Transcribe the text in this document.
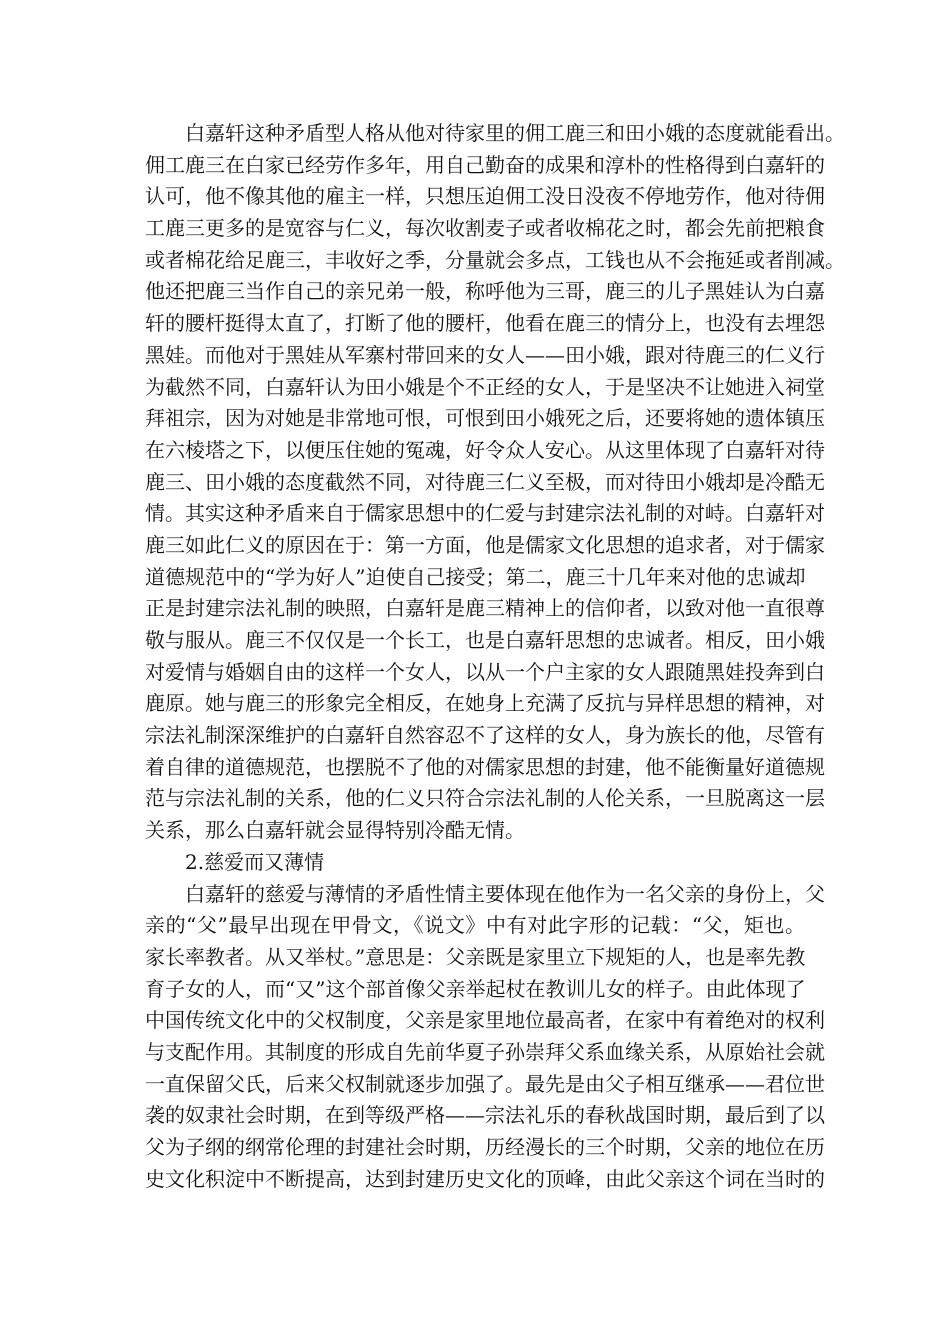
白嘉轩这种矛盾型人格从他对待家里的佣工鹿三和田小娥的态度就能看出。
佣工鹿三在白家已经劳作多年，用自己勤奋的成果和淳朴的性格得到白嘉轩的
认可，他不像其他的雇主一样，只想压迫佣工没日没夜不停地劳作，他对待佣
工鹿三更多的是宽容与仁义，每次收割麦子或者收棉花之时，都会先前把粮食
或者棉花给足鹿三，丰收好之季，分量就会多点，工钱也从不会拖延或者削减。
他还把鹿三当作自己的亲兄弟一般，称呼他为三哥，鹿三的儿子黑娃认为白嘉
轩的腰杆挺得太直了，打断了他的腰杆，他看在鹿三的情分上，也没有去埋怨
黑娃。而他对于黑娃从军寨村带回来的女人——田小娥，跟对待鹿三的仁义行
为截然不同，白嘉轩认为田小娥是个不正经的女人，于是坚决不让她进入祠堂
拜祖宗，因为对她是非常地可恨，可恨到田小娥死之后，还要将她的遗体镇压
在六棱塔之下，以便压住她的冤魂，好令众人安心。从这里体现了白嘉轩对待
鹿三、田小娥的态度截然不同，对待鹿三仁义至极，而对待田小娥却是冷酷无
情。其实这种矛盾来自于儒家思想中的仁爱与封建宗法礼制的对峙。白嘉轩对
鹿三如此仁义的原因在于：第一方面，他是儒家文化思想的追求者，对于儒家
道德规范中的“学为好人”迫使自己接受；第二，鹿三十几年来对他的忠诚却
正是封建宗法礼制的映照，白嘉轩是鹿三精神上的信仰者，以致对他一直很尊
敬与服从。鹿三不仅仅是一个长工，也是白嘉轩思想的忠诚者。相反，田小娥
对爱情与婚姻自由的这样一个女人，以从一个户主家的女人跟随黑娃投奔到白
鹿原。她与鹿三的形象完全相反，在她身上充满了反抗与异样思想的精神，对
宗法礼制深深维护的白嘉轩自然容忍不了这样的女人，身为族长的他，尽管有
着自律的道德规范，也摆脱不了他的对儒家思想的封建，他不能衡量好道德规
范与宗法礼制的关系，他的仁义只符合宗法礼制的人伦关系，一旦脱离这一层
关系，那么白嘉轩就会显得特别冷酷无情。
2.慈爱而又薄情
白嘉轩的慈爱与薄情的矛盾性情主要体现在他作为一名父亲的身份上，父
亲的“父”最早出现在甲骨文，《说文》中有对此字形的记载：“父，矩也。
家长率教者。从又举杖。”意思是：父亲既是家里立下规矩的人，也是率先教
育子女的人，而“又”这个部首像父亲举起杖在教训儿女的样子。由此体现了
中国传统文化中的父权制度，父亲是家里地位最高者，在家中有着绝对的权利
与支配作用。其制度的形成自先前华夏子孙崇拜父系血缘关系，从原始社会就
一直保留父氏，后来父权制就逐步加强了。最先是由父子相互继承——君位世
袭的奴隶社会时期，在到等级严格——宗法礼乐的春秋战国时期，最后到了以
父为子纲的纲常伦理的封建社会时期，历经漫长的三个时期，父亲的地位在历
史文化积淀中不断提高，达到封建历史文化的顶峰，由此父亲这个词在当时的
